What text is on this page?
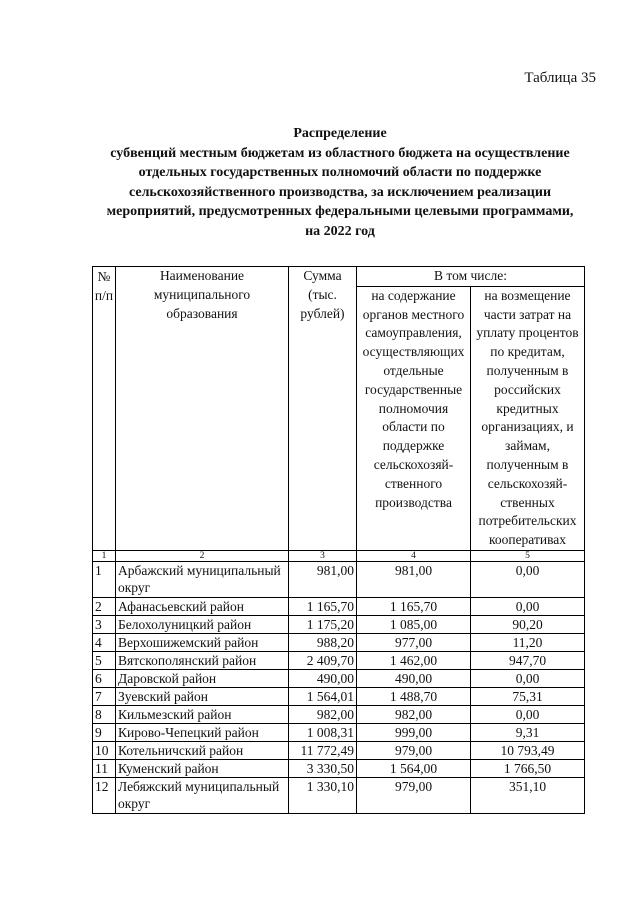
Таблица 35
Распределение
субвенций местным бюджетам из областного бюджета на осуществление
отдельных государственных полномочий области по поддержке
сельскохозяйственного производства, за исключением реализации
мероприятий, предусмотренных федеральными целевыми программами,
на 2022 год
№ п/п	Наименование муниципального образования	Сумма (тыс. рублей)	В том числе:	
			на содержание органов местного самоуправления, осуществляющих отдельные государственные полномочия области по поддержке сельскохозяй-ственного производства	на возмещение части затрат на уплату процентов по кредитам, полученным в российских кредитных организациях, и займам, полученным в сельскохозяй-ственных потребительских кооперативах
1	2	3	4	5
1	Арбажский муниципальный округ	981,00	981,00	0,00
2	Афанасьевский район	1 165,70	1 165,70	0,00
3	Белохолуницкий район	1 175,20	1 085,00	90,20
4	Верхошижемский район	988,20	977,00	11,20
5	Вятскополянский район	2 409,70	1 462,00	947,70
6	Даровской район	490,00	490,00	0,00
7	Зуевский район	1 564,01	1 488,70	75,31
8	Кильмезский район	982,00	982,00	0,00
9	Кирово-Чепецкий район	1 008,31	999,00	9,31
10	Котельничский район	11 772,49	979,00	10 793,49
11	Куменский район	3 330,50	1 564,00	1 766,50
12	Лебяжский муниципальный округ	1 330,10	979,00	351,10
